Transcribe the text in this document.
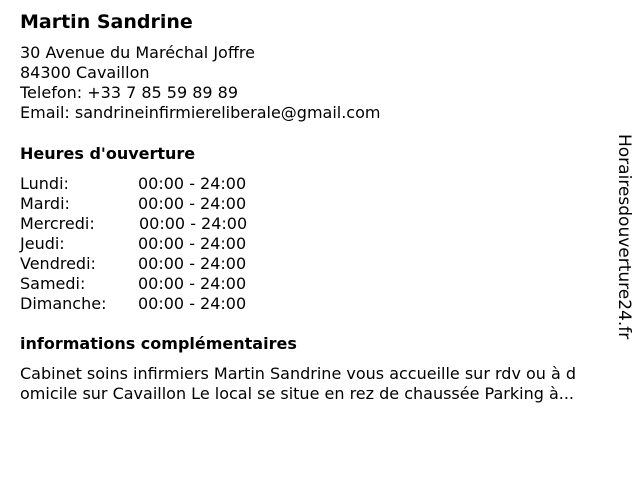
Martin Sandrine
30 Avenue du Maréchal Joffre
84300 Cavaillon
Telefon: +33 7 85 59 89 89
Email: sandrineinfirmiereliberale@gmail.com
Heures d'ouverture
Lundi:	00:00 - 24:00
Mardi:	00:00 - 24:00
Mercredi:	00:00 - 24:00
Jeudi:	00:00 - 24:00
Vendredi:	00:00 - 24:00
Samedi:	00:00 - 24:00
Dimanche: 00:00 - 24:00
informations complémentaires
Cabinet soins infirmiers Martin Sandrine vous accueille sur rdv ou à d
omicile sur Cavaillon Le local se situe en rez de chaussée Parking à...
Horairesdouverture24.fr
